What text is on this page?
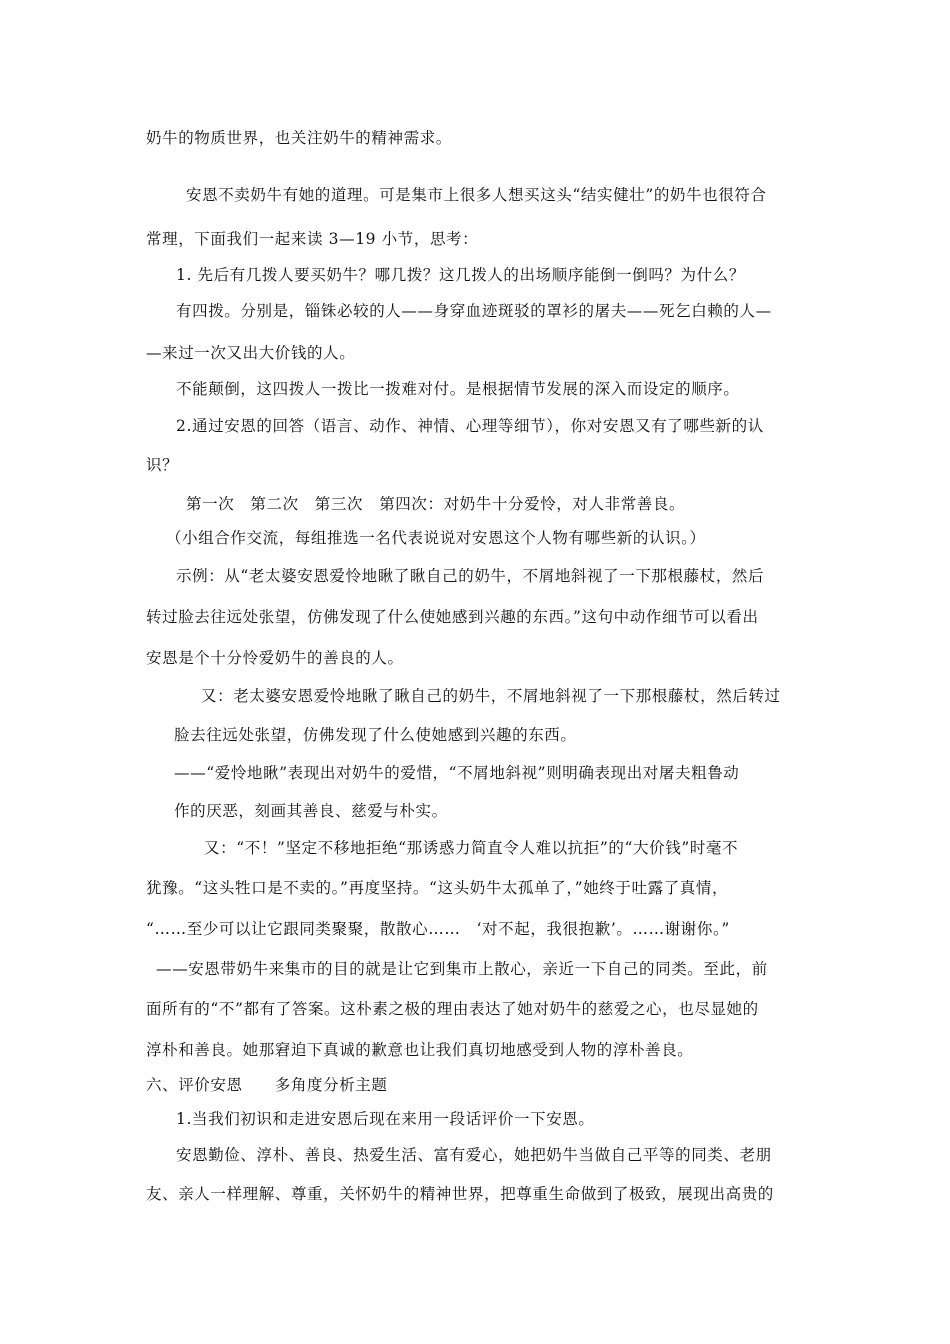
奶牛的物质世界，也关注奶牛的精神需求。
安恩不卖奶牛有她的道理。可是集市上很多人想买这头“结实健壮”的奶牛也很符合
常理，下面我们一起来读 3—19 小节，思考：
1. 先后有几拨人要买奶牛？哪几拨？这几拨人的出场顺序能倒一倒吗？为什么？
有四拨。分别是，锱铢必较的人——身穿血迹斑驳的罩衫的屠夫——死乞白赖的人—
—来过一次又出大价钱的人。
不能颠倒，这四拨人一拨比一拨难对付。是根据情节发展的深入而设定的顺序。
2.通过安恩的回答（语言、动作、神情、心理等细节），你对安恩又有了哪些新的认
识？
第一次　第二次　第三次　第四次：对奶牛十分爱怜，对人非常善良。
（小组合作交流，每组推选一名代表说说对安恩这个人物有哪些新的认识。）
示例：从“老太婆安恩爱怜地瞅了瞅自己的奶牛，不屑地斜视了一下那根藤杖，然后
转过脸去往远处张望，仿佛发现了什么使她感到兴趣的东西。”这句中动作细节可以看出
安恩是个十分怜爱奶牛的善良的人。
又：老太婆安恩爱怜地瞅了瞅自己的奶牛，不屑地斜视了一下那根藤杖，然后转过
脸去往远处张望，仿佛发现了什么使她感到兴趣的东西。
——“爱怜地瞅”表现出对奶牛的爱惜，“不屑地斜视”则明确表现出对屠夫粗鲁动
作的厌恶，刻画其善良、慈爱与朴实。
又：“不！”坚定不移地拒绝“那诱惑力简直令人难以抗拒”的“大价钱”时毫不
犹豫。“这头牲口是不卖的。”再度坚持。“这头奶牛太孤单了，”她终于吐露了真情，
“……至少可以让它跟同类聚聚，散散心……　‘对不起，我很抱歉’。……谢谢你。”
——安恩带奶牛来集市的目的就是让它到集市上散心，亲近一下自己的同类。至此，前
面所有的“不”都有了答案。这朴素之极的理由表达了她对奶牛的慈爱之心，也尽显她的
淳朴和善良。她那窘迫下真诚的歉意也让我们真切地感受到人物的淳朴善良。
六、评价安恩　　多角度分析主题
1.当我们初识和走进安恩后现在来用一段话评价一下安恩。
安恩勤俭、淳朴、善良、热爱生活、富有爱心，她把奶牛当做自己平等的同类、老朋
友、亲人一样理解、尊重，关怀奶牛的精神世界，把尊重生命做到了极致，展现出高贵的
